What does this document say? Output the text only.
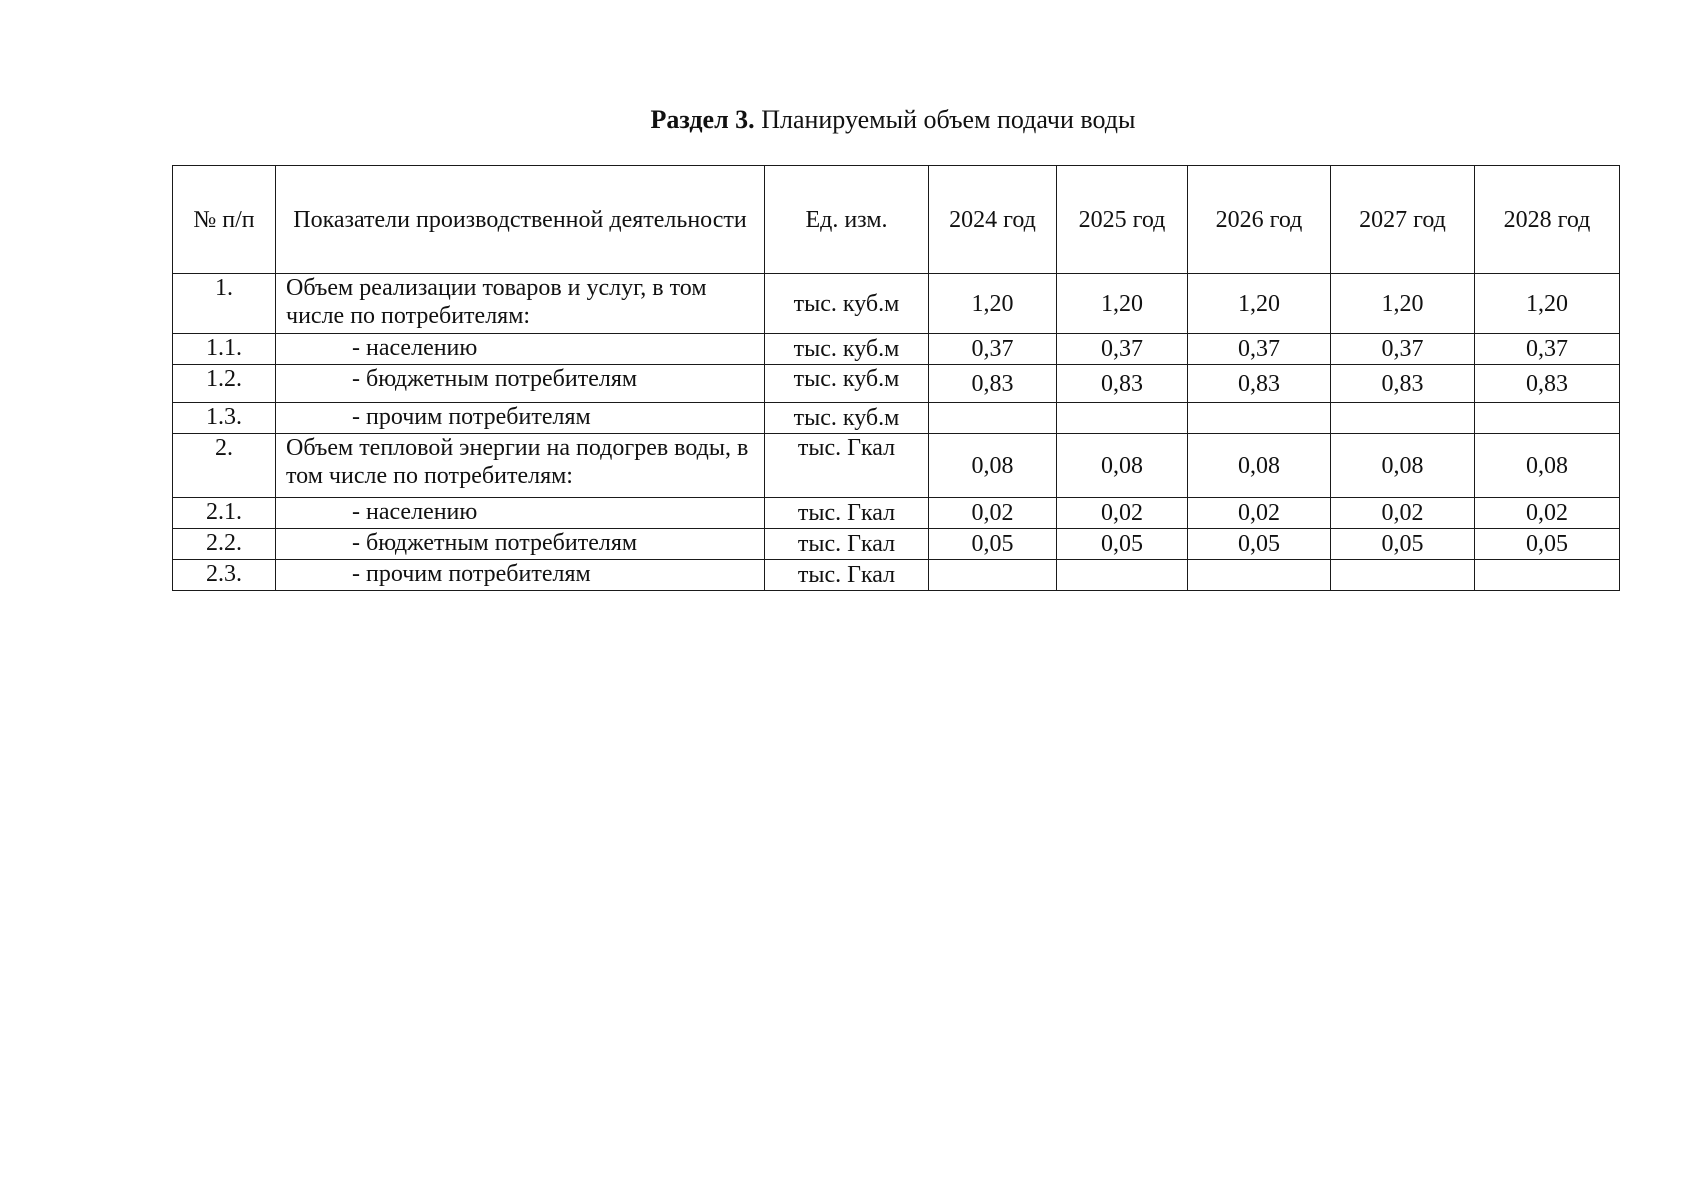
Раздел 3. Планируемый объем подачи воды
№ п/п	Показатели производственной деятельности	Ед. изм.	2024 год	2025 год	2026 год	2027 год	2028 год
1.	Объем реализации товаров и услуг, в том числе по потребителям:	тыс. куб.м	1,20	1,20	1,20	1,20	1,20
1.1.	- населению	тыс. куб.м	0,37	0,37	0,37	0,37	0,37
1.2.	- бюджетным потребителям	тыс. куб.м	0,83	0,83	0,83	0,83	0,83
1.3.	- прочим потребителям	тыс. куб.м					
2.	Объем тепловой энергии на подогрев воды, в том числе по потребителям:	тыс. Гкал	0,08	0,08	0,08	0,08	0,08
2.1.	- населению	тыс. Гкал	0,02	0,02	0,02	0,02	0,02
2.2.	- бюджетным потребителям	тыс. Гкал	0,05	0,05	0,05	0,05	0,05
2.3.	- прочим потребителям	тыс. Гкал					
